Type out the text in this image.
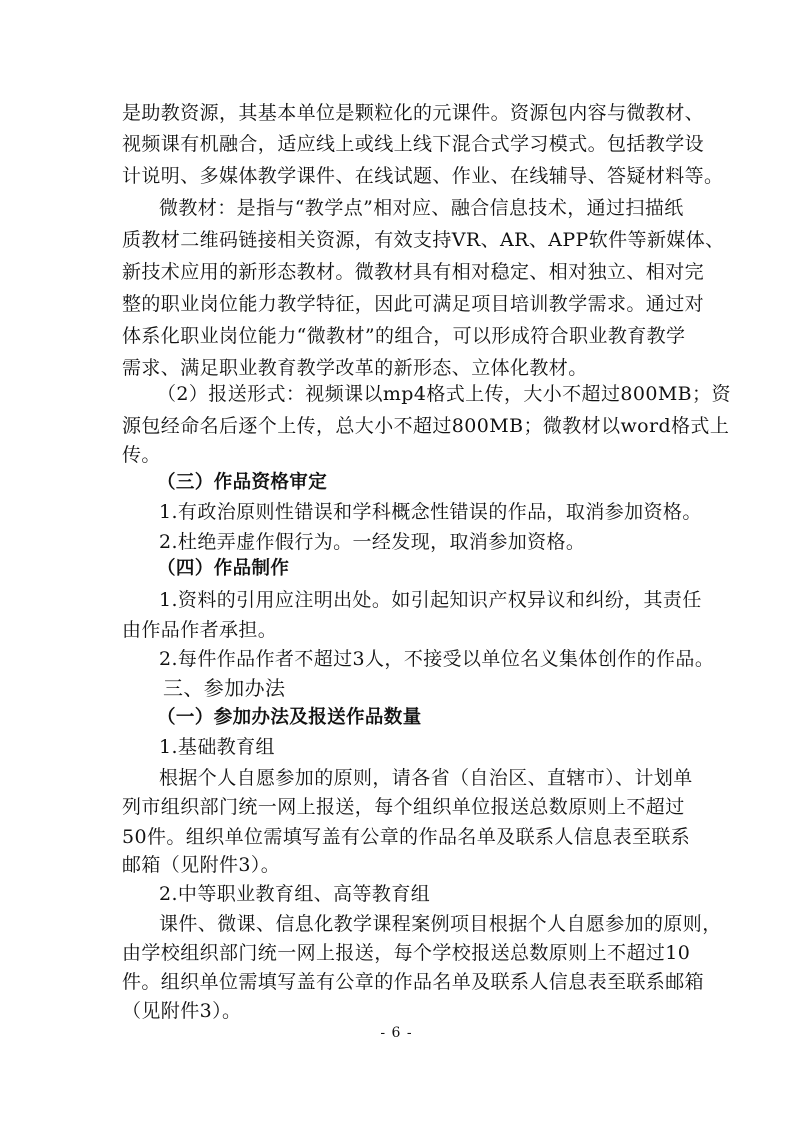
是助教资源，其基本单位是颗粒化的元课件。资源包内容与微教材、
视频课有机融合，适应线上或线上线下混合式学习模式。包括教学设
计说明、多媒体教学课件、在线试题、作业、在线辅导、答疑材料等。
微教材：是指与“教学点”相对应、融合信息技术，通过扫描纸
质教材二维码链接相关资源，有效支持VR、AR、APP软件等新媒体、
新技术应用的新形态教材。微教材具有相对稳定、相对独立、相对完
整的职业岗位能力教学特征，因此可满足项目培训教学需求。通过对
体系化职业岗位能力“微教材”的组合，可以形成符合职业教育教学
需求、满足职业教育教学改革的新形态、立体化教材。
（2）报送形式：视频课以mp4格式上传，大小不超过800MB；资
源包经命名后逐个上传，总大小不超过800MB；微教材以word格式上
传。
（三）作品资格审定
1.有政治原则性错误和学科概念性错误的作品，取消参加资格。
2.杜绝弄虚作假行为。一经发现，取消参加资格。
（四）作品制作
1.资料的引用应注明出处。如引起知识产权异议和纠纷，其责任
由作品作者承担。
2.每件作品作者不超过3人，不接受以单位名义集体创作的作品。
三、参加办法
（一）参加办法及报送作品数量
1.基础教育组
根据个人自愿参加的原则，请各省（自治区、直辖市）、计划单
列市组织部门统一网上报送，每个组织单位报送总数原则上不超过
50件。组织单位需填写盖有公章的作品名单及联系人信息表至联系
邮箱（见附件3）。
2.中等职业教育组、高等教育组
课件、微课、信息化教学课程案例项目根据个人自愿参加的原则，
由学校组织部门统一网上报送，每个学校报送总数原则上不超过10
件。组织单位需填写盖有公章的作品名单及联系人信息表至联系邮箱
（见附件3）。
- 6 -
